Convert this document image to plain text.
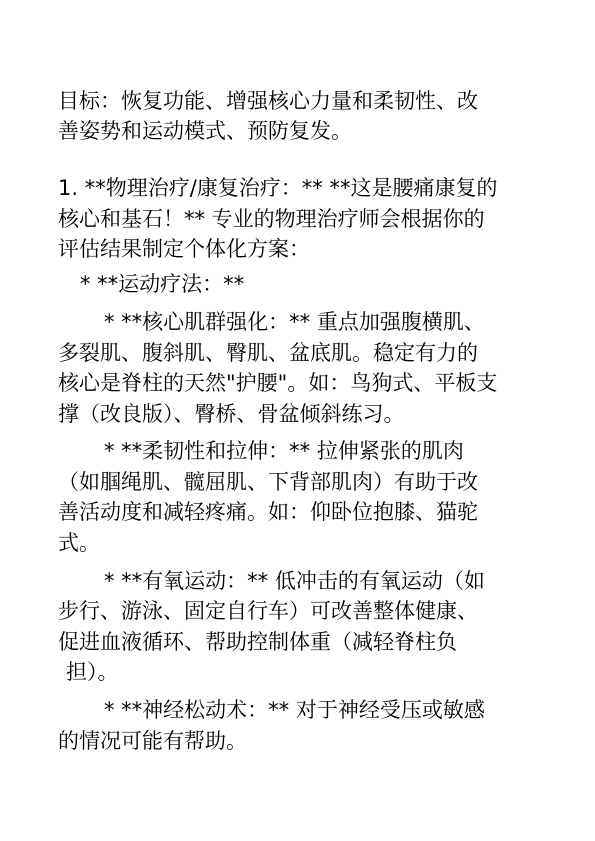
目标：恢复功能、增强核心力量和柔韧性、改
善姿势和运动模式、预防复发。
1. **物理治疗/康复治疗：** **这是腰痛康复的
核心和基石！** 专业的物理治疗师会根据你的
评估结果制定个体化方案：
* **运动疗法：**
* **核心肌群强化：** 重点加强腹横肌、
多裂肌、腹斜肌、臀肌、盆底肌。稳定有力的
核心是脊柱的天然"护腰"。如：鸟狗式、平板支
撑（改良版）、臀桥、骨盆倾斜练习。
* **柔韧性和拉伸：** 拉伸紧张的肌肉
（如腘绳肌、髋屈肌、下背部肌肉）有助于改
善活动度和减轻疼痛。如：仰卧位抱膝、猫驼
式。
* **有氧运动：** 低冲击的有氧运动（如
步行、游泳、固定自行车）可改善整体健康、
促进血液循环、帮助控制体重（减轻脊柱负
担）。
* **神经松动术：** 对于神经受压或敏感
的情况可能有帮助。
